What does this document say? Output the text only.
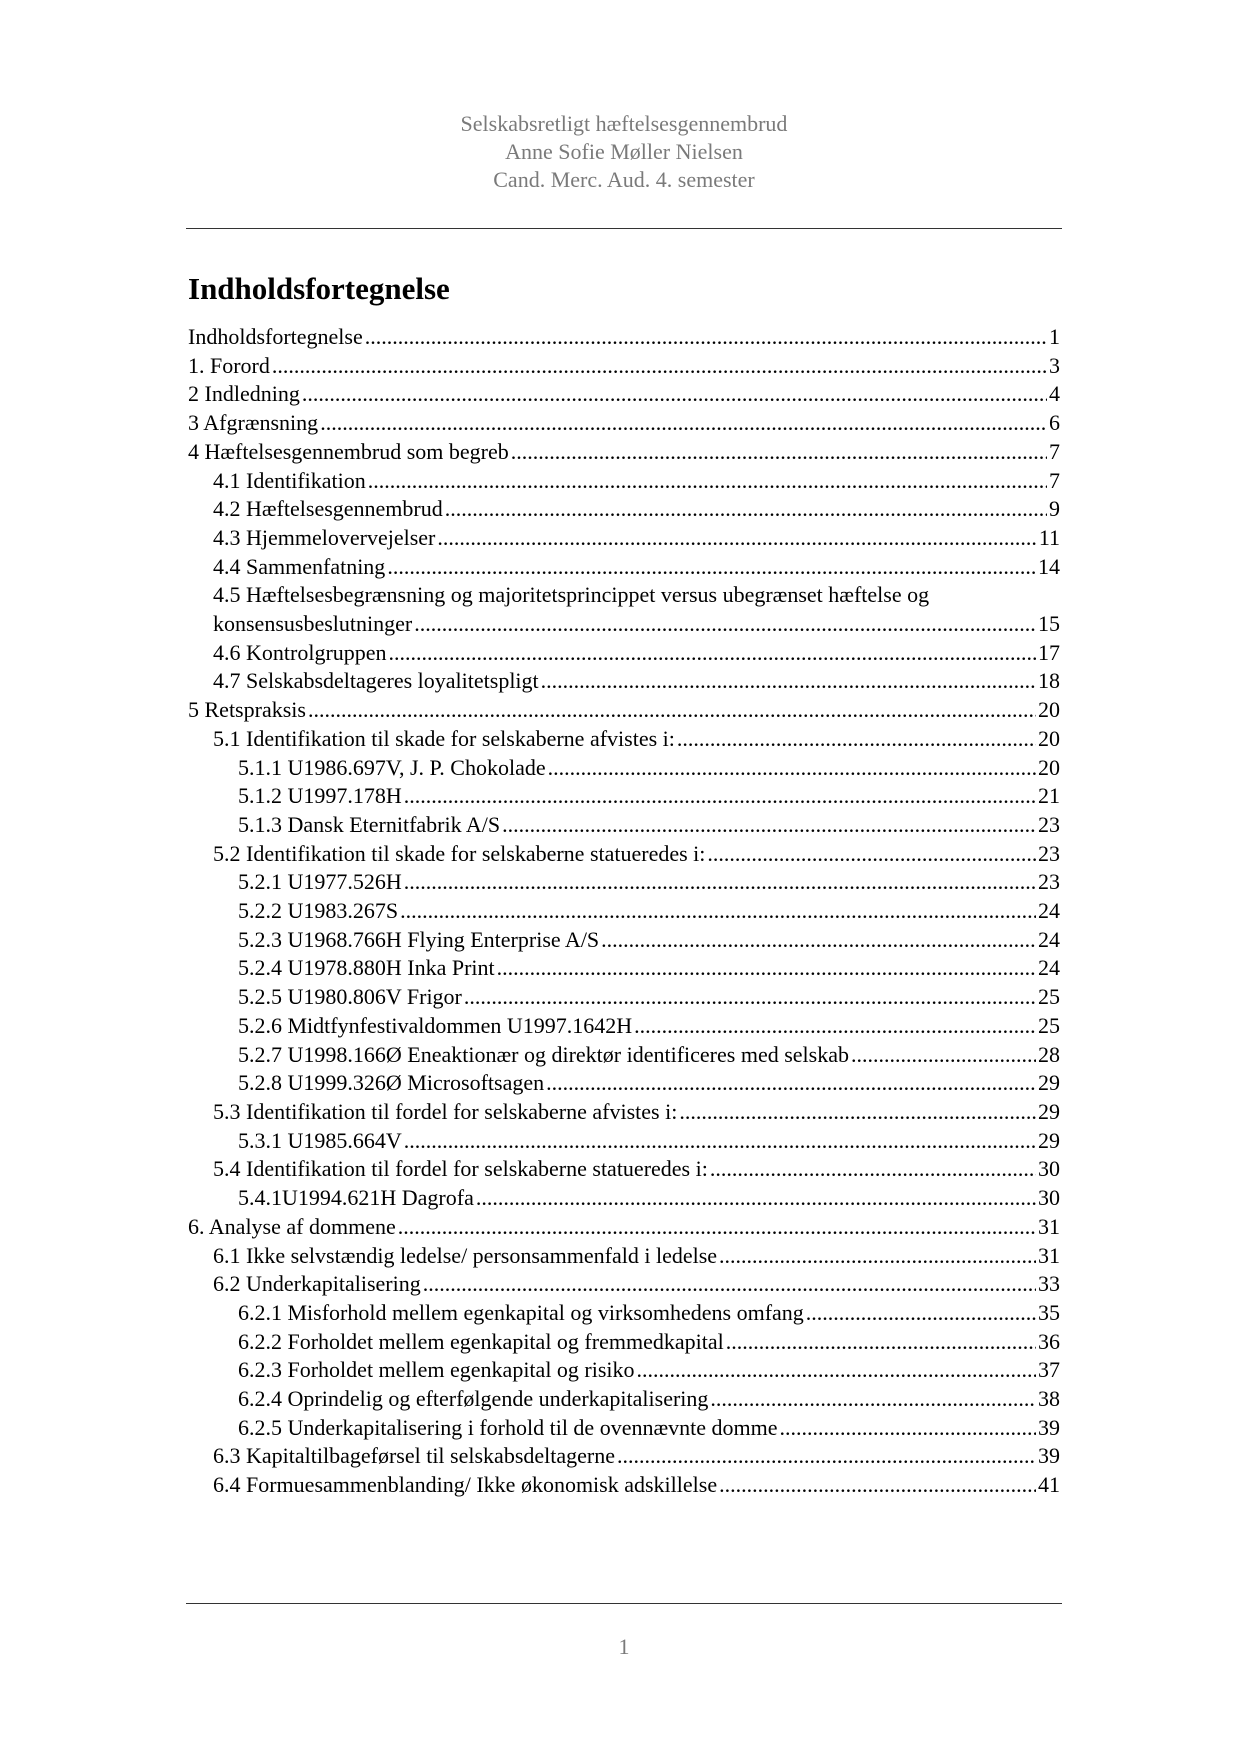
Selskabsretligt hæftelsesgennembrud
Anne Sofie Møller Nielsen
Cand. Merc. Aud. 4. semester
Indholdsfortegnelse
Indholdsfortegnelse .....	1
1. Forord .....	3
2 Indledning .....	4
3 Afgrænsning .....	6
4 Hæftelsesgennembrud som begreb .....	7
4.1 Identifikation .....	7
4.2 Hæftelsesgennembrud .....	9
4.3 Hjemmelovervejelser .....	11
4.4 Sammenfatning .....	14
4.5 Hæftelsesbegrænsning og majoritetsprincippet versus ubegrænset hæftelse og
konsensusbeslutninger .....	15
4.6 Kontrolgruppen .....	17
4.7 Selskabsdeltageres loyalitetspligt .....	18
5 Retspraksis .....	20
5.1 Identifikation til skade for selskaberne afvistes i: .....	20
5.1.1 U1986.697V, J. P. Chokolade .....	20
5.1.2 U1997.178H .....	21
5.1.3 Dansk Eternitfabrik A/S .....	23
5.2 Identifikation til skade for selskaberne statueredes i: .....	23
5.2.1 U1977.526H .....	23
5.2.2 U1983.267S .....	24
5.2.3 U1968.766H Flying Enterprise A/S .....	24
5.2.4 U1978.880H Inka Print .....	24
5.2.5 U1980.806V Frigor .....	25
5.2.6 Midtfynfestivaldommen U1997.1642H .....	25
5.2.7 U1998.166Ø Eneaktionær og direktør identificeres med selskab .....	28
5.2.8 U1999.326Ø Microsoftsagen .....	29
5.3 Identifikation til fordel for selskaberne afvistes i: .....	29
5.3.1 U1985.664V .....	29
5.4 Identifikation til fordel for selskaberne statueredes i: .....	30
5.4.1U1994.621H Dagrofa .....	30
6. Analyse af dommene .....	31
6.1 Ikke selvstændig ledelse/ personsammenfald i ledelse .....	31
6.2 Underkapitalisering .....	33
6.2.1 Misforhold mellem egenkapital og virksomhedens omfang .....	35
6.2.2 Forholdet mellem egenkapital og fremmedkapital .....	36
6.2.3 Forholdet mellem egenkapital og risiko .....	37
6.2.4 Oprindelig og efterfølgende underkapitalisering .....	38
6.2.5 Underkapitalisering i forhold til de ovennævnte domme .....	39
6.3 Kapitaltilbageførsel til selskabsdeltagerne .....	39
6.4 Formuesammenblanding/ Ikke økonomisk adskillelse .....	41
1
